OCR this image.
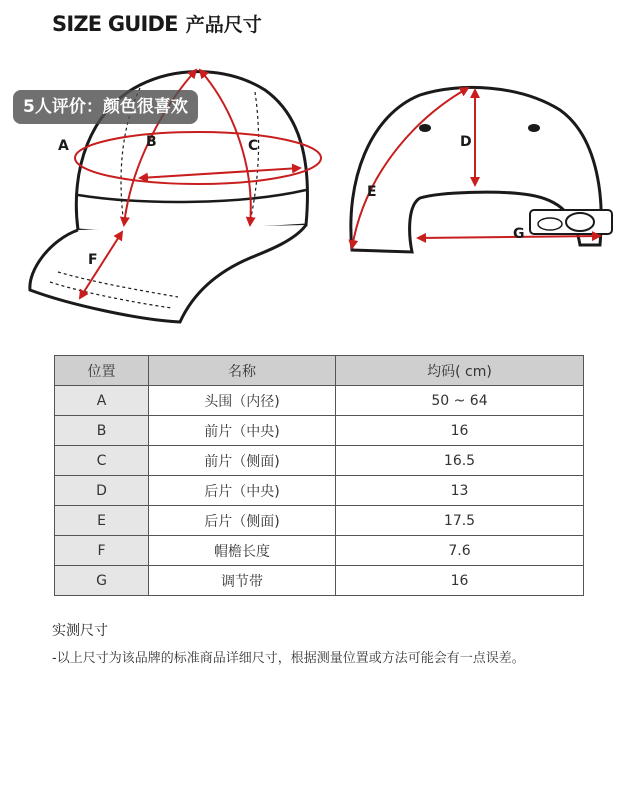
SIZE GUIDE 产品尺寸
A	B	C
F
D
E
G
5人评价：颜色很喜欢
位置	名称	均码( cm)
A	头围（内径)	50 ~ 64
B	前片（中央)	16
C	前片（侧面)	16.5
D	后片（中央)	13
E	后片（侧面)	17.5
F	帽檐长度	7.6
G	调节带	16
实测尺寸
-以上尺寸为该品牌的标准商品详细尺寸，根据测量位置或方法可能会有一点误差。
